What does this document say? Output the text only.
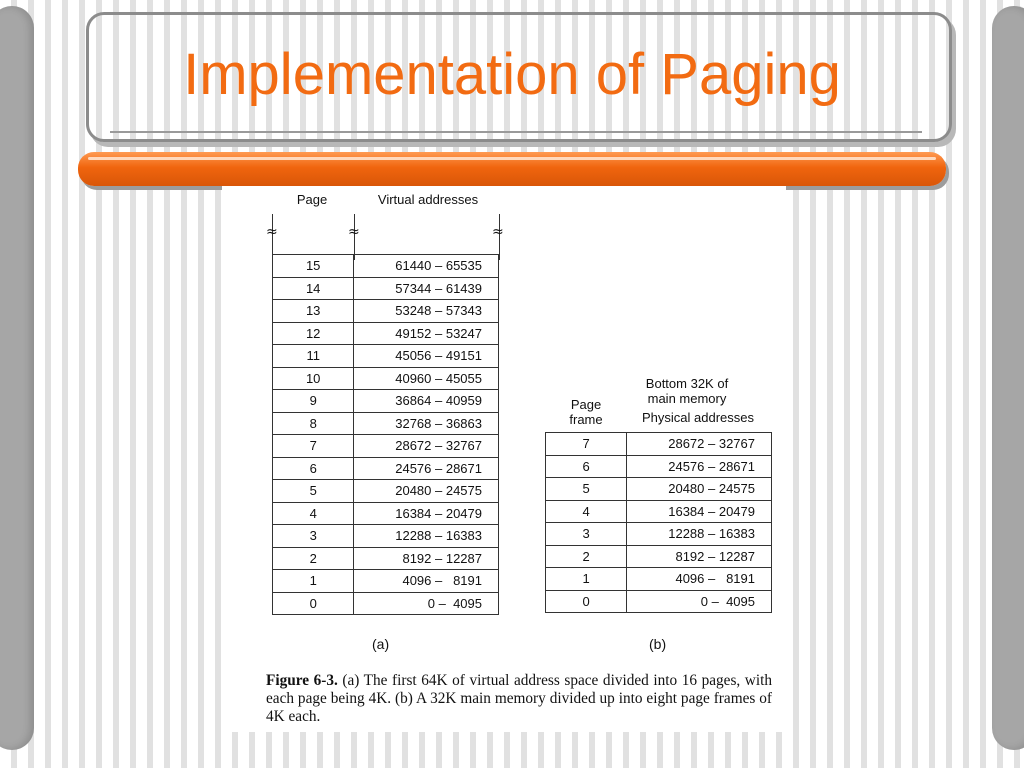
Implementation of Paging
Page	Virtual addresses
≈	≈	≈
15	61440 – 65535
14	57344 – 61439
13	53248 – 57343
12	49152 – 53247
11	45056 – 49151
10	40960 – 45055
9	36864 – 40959
8	32768 – 36863
7	28672 – 32767
6	24576 – 28671
5	20480 – 24575
4	16384 – 20479
3	12288 – 16383
2	8192 – 12287
1	4096 –   8191
0	0 –  4095
Bottom 32K of
main memory
Page
frame	Physical addresses
7	28672 – 32767
6	24576 – 28671
5	20480 – 24575
4	16384 – 20479
3	12288 – 16383
2	8192 – 12287
1	4096 –   8191
0	0 –  4095
(a)	(b)
Figure 6-3. (a) The first 64K of virtual address space divided into 16 pages, with each page being 4K. (b) A 32K main memory divided up into eight page frames of 4K each.
